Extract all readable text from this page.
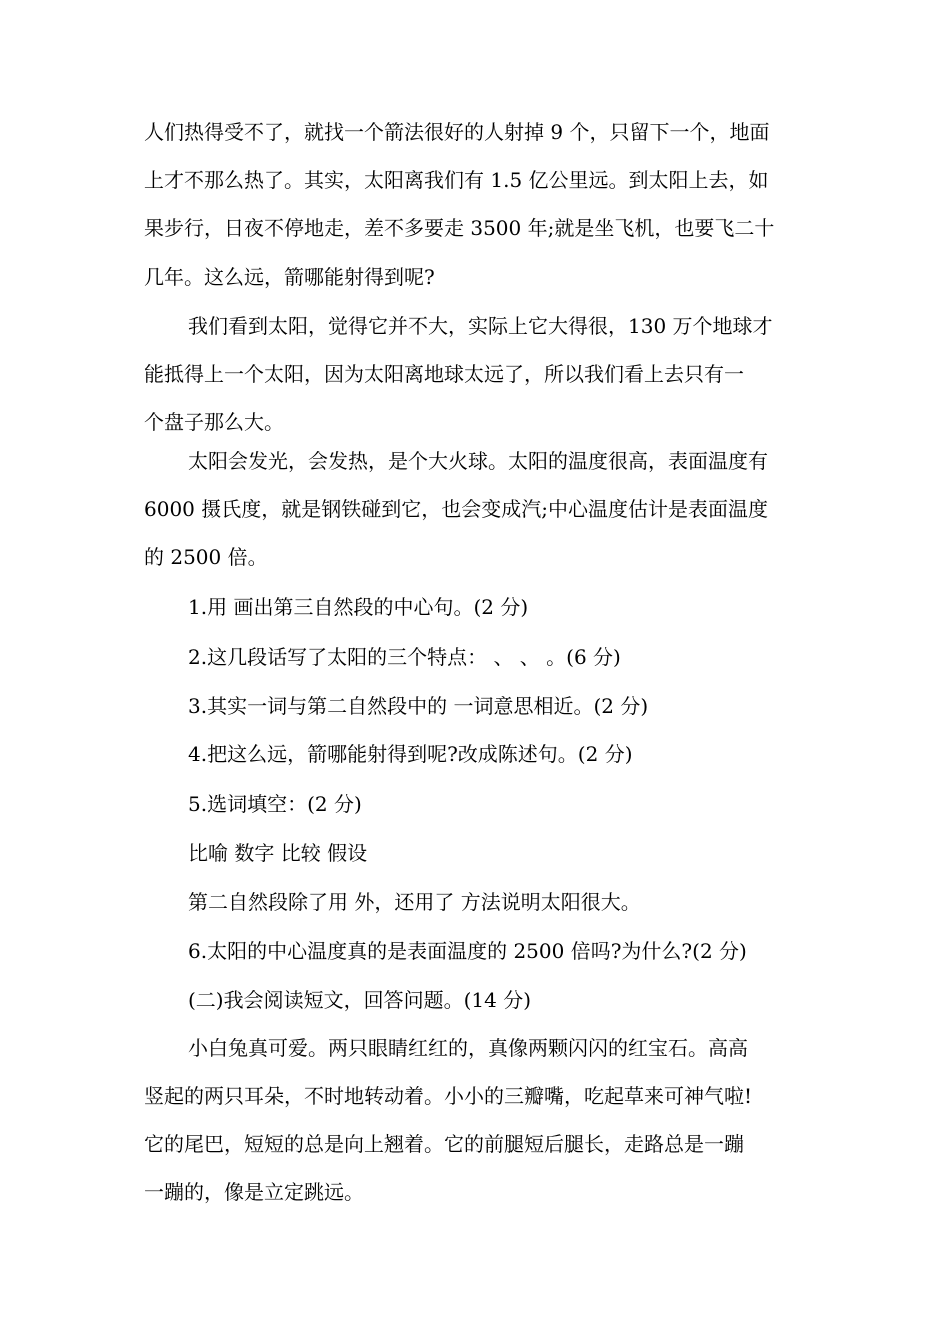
人们热得受不了，就找一个箭法很好的人射掉 9 个，只留下一个，地面
上才不那么热了。其实，太阳离我们有 1.5 亿公里远。到太阳上去，如
果步行，日夜不停地走，差不多要走 3500 年;就是坐飞机，也要飞二十
几年。这么远，箭哪能射得到呢?
我们看到太阳，觉得它并不大，实际上它大得很，130 万个地球才
能抵得上一个太阳，因为太阳离地球太远了，所以我们看上去只有一
个盘子那么大。
太阳会发光，会发热，是个大火球。太阳的温度很高，表面温度有
6000 摄氏度，就是钢铁碰到它，也会变成汽;中心温度估计是表面温度
的 2500 倍。
1.用 画出第三自然段的中心句。(2 分)
2.这几段话写了太阳的三个特点： 、 、 。(6 分)
3.其实一词与第二自然段中的 一词意思相近。(2 分)
4.把这么远，箭哪能射得到呢?改成陈述句。(2 分)
5.选词填空：(2 分)
比喻 数字 比较 假设
第二自然段除了用 外，还用了 方法说明太阳很大。
6.太阳的中心温度真的是表面温度的 2500 倍吗?为什么?(2 分)
(二)我会阅读短文，回答问题。(14 分)
小白兔真可爱。两只眼睛红红的，真像两颗闪闪的红宝石。高高
竖起的两只耳朵，不时地转动着。小小的三瓣嘴，吃起草来可神气啦!
它的尾巴，短短的总是向上翘着。它的前腿短后腿长，走路总是一蹦
一蹦的，像是立定跳远。
